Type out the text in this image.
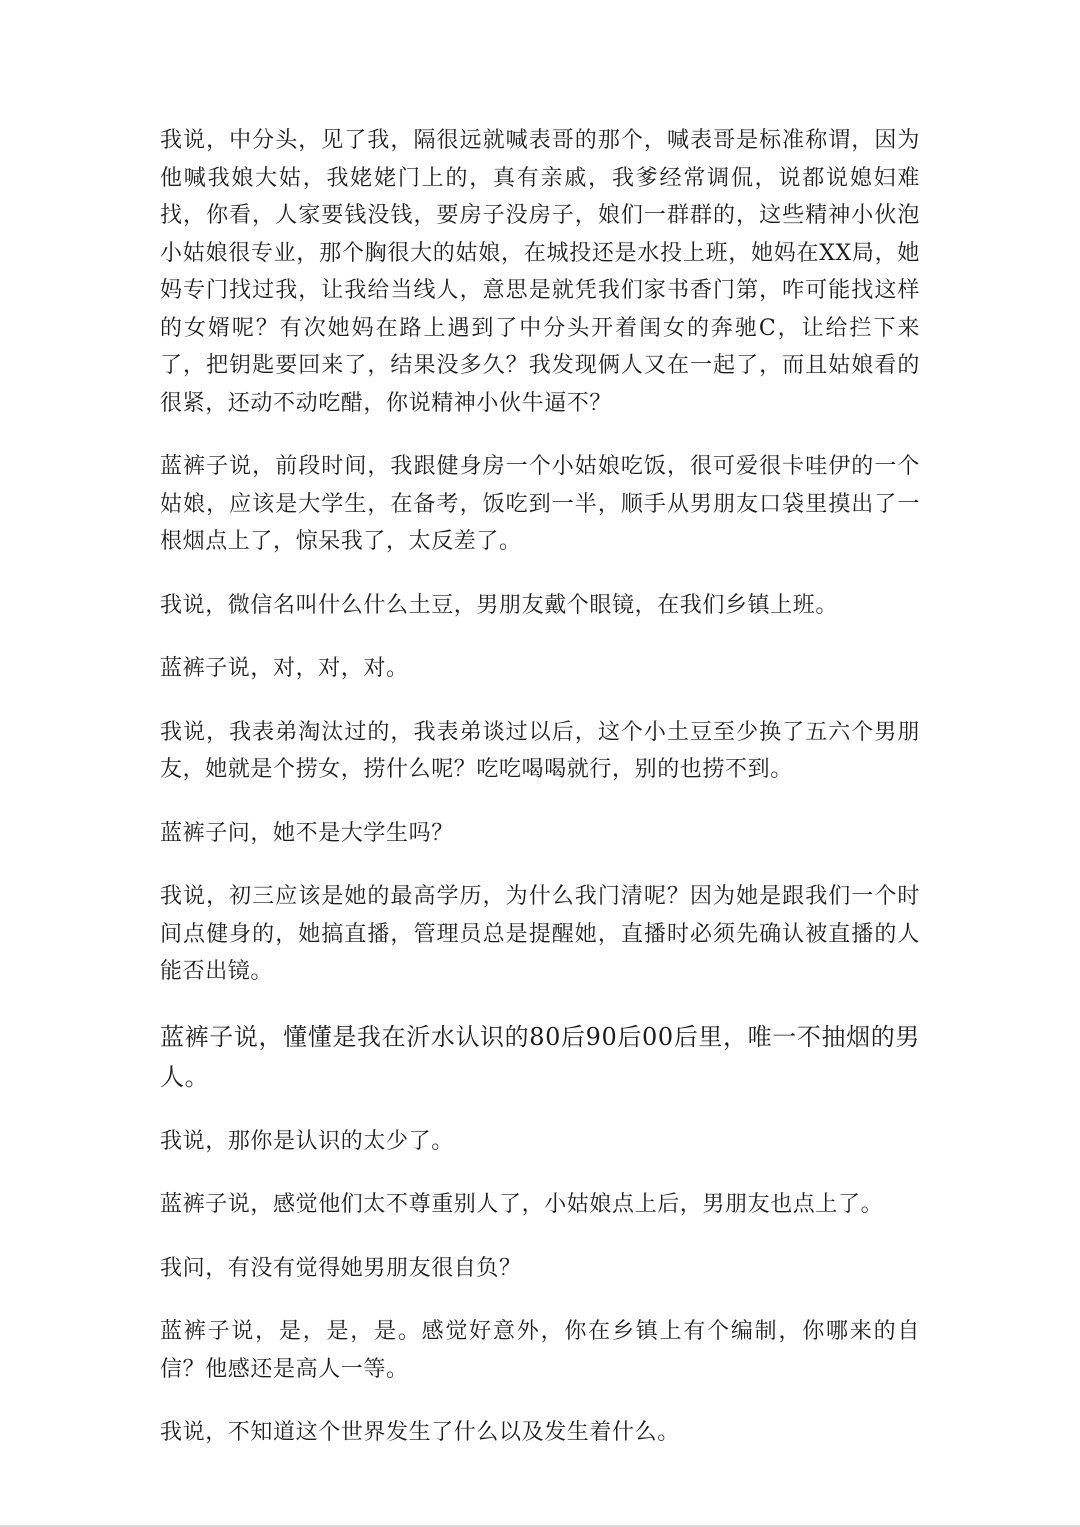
我说，中分头，见了我，隔很远就喊表哥的那个，喊表哥是标准称谓，因为他喊我娘大姑，我姥姥门上的，真有亲戚，我爹经常调侃，说都说媳妇难找，你看，人家要钱没钱，要房子没房子，娘们一群群的，这些精神小伙泡小姑娘很专业，那个胸很大的姑娘，在城投还是水投上班，她妈在XX局，她妈专门找过我，让我给当线人，意思是就凭我们家书香门第，咋可能找这样的女婿呢？有次她妈在路上遇到了中分头开着闺女的奔驰C，让给拦下来了，把钥匙要回来了，结果没多久？我发现俩人又在一起了，而且姑娘看的很紧，还动不动吃醋，你说精神小伙牛逼不？

蓝裤子说，前段时间，我跟健身房一个小姑娘吃饭，很可爱很卡哇伊的一个姑娘，应该是大学生，在备考，饭吃到一半，顺手从男朋友口袋里摸出了一根烟点上了，惊呆我了，太反差了。

我说，微信名叫什么什么土豆，男朋友戴个眼镜，在我们乡镇上班。

蓝裤子说，对，对，对。

我说，我表弟淘汰过的，我表弟谈过以后，这个小土豆至少换了五六个男朋友，她就是个捞女，捞什么呢？吃吃喝喝就行，别的也捞不到。

蓝裤子问，她不是大学生吗？

我说，初三应该是她的最高学历，为什么我门清呢？因为她是跟我们一个时间点健身的，她搞直播，管理员总是提醒她，直播时必须先确认被直播的人能否出镜。

蓝裤子说，懂懂是我在沂水认识的80后90后00后里，唯一不抽烟的男人。

我说，那你是认识的太少了。

蓝裤子说，感觉他们太不尊重别人了，小姑娘点上后，男朋友也点上了。

我问，有没有觉得她男朋友很自负？

蓝裤子说，是，是，是。感觉好意外，你在乡镇上有个编制，你哪来的自信？他感还是高人一等。

我说，不知道这个世界发生了什么以及发生着什么。
